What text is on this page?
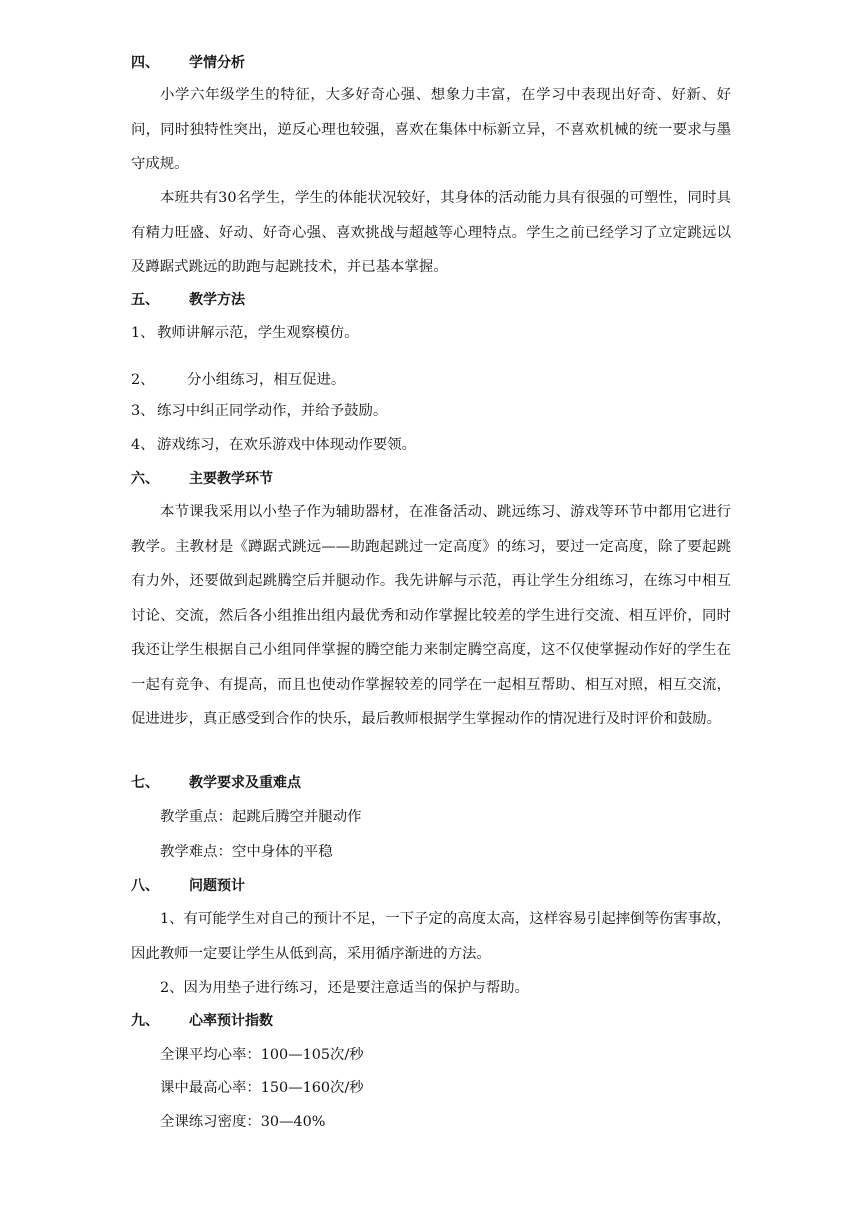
四、 学情分析

小学六年级学生的特征，大多好奇心强、想象力丰富，在学习中表现出好奇、好新、好问，同时独特性突出，逆反心理也较强，喜欢在集体中标新立异，不喜欢机械的统一要求与墨守成规。

本班共有30名学生，学生的体能状况较好，其身体的活动能力具有很强的可塑性，同时具有精力旺盛、好动、好奇心强、喜欢挑战与超越等心理特点。学生之前已经学习了立定跳远以及蹲踞式跳远的助跑与起跳技术，并已基本掌握。

五、 教学方法
1、 教师讲解示范，学生观察模仿。
2、 分小组练习，相互促进。
3、 练习中纠正同学动作，并给予鼓励。
4、 游戏练习，在欢乐游戏中体现动作要领。
六、 主要教学环节

本节课我采用以小垫子作为辅助器材，在准备活动、跳远练习、游戏等环节中都用它进行教学。主教材是《蹲踞式跳远——助跑起跳过一定高度》的练习，要过一定高度，除了要起跳有力外，还要做到起跳腾空后并腿动作。我先讲解与示范，再让学生分组练习，在练习中相互讨论、交流，然后各小组推出组内最优秀和动作掌握比较差的学生进行交流、相互评价，同时我还让学生根据自己小组同伴掌握的腾空能力来制定腾空高度，这不仅使掌握动作好的学生在一起有竞争、有提高，而且也使动作掌握较差的同学在一起相互帮助、相互对照，相互交流，促进进步，真正感受到合作的快乐，最后教师根据学生掌握动作的情况进行及时评价和鼓励。

七、 教学要求及重难点
教学重点：起跳后腾空并腿动作
教学难点：空中身体的平稳
八、 问题预计

1、有可能学生对自己的预计不足，一下子定的高度太高，这样容易引起摔倒等伤害事故，因此教师一定要让学生从低到高，采用循序渐进的方法。

2、因为用垫子进行练习，还是要注意适当的保护与帮助。

九、 心率预计指数
全课平均心率：100—105次/秒
课中最高心率：150—160次/秒
全课练习密度：30—40%
